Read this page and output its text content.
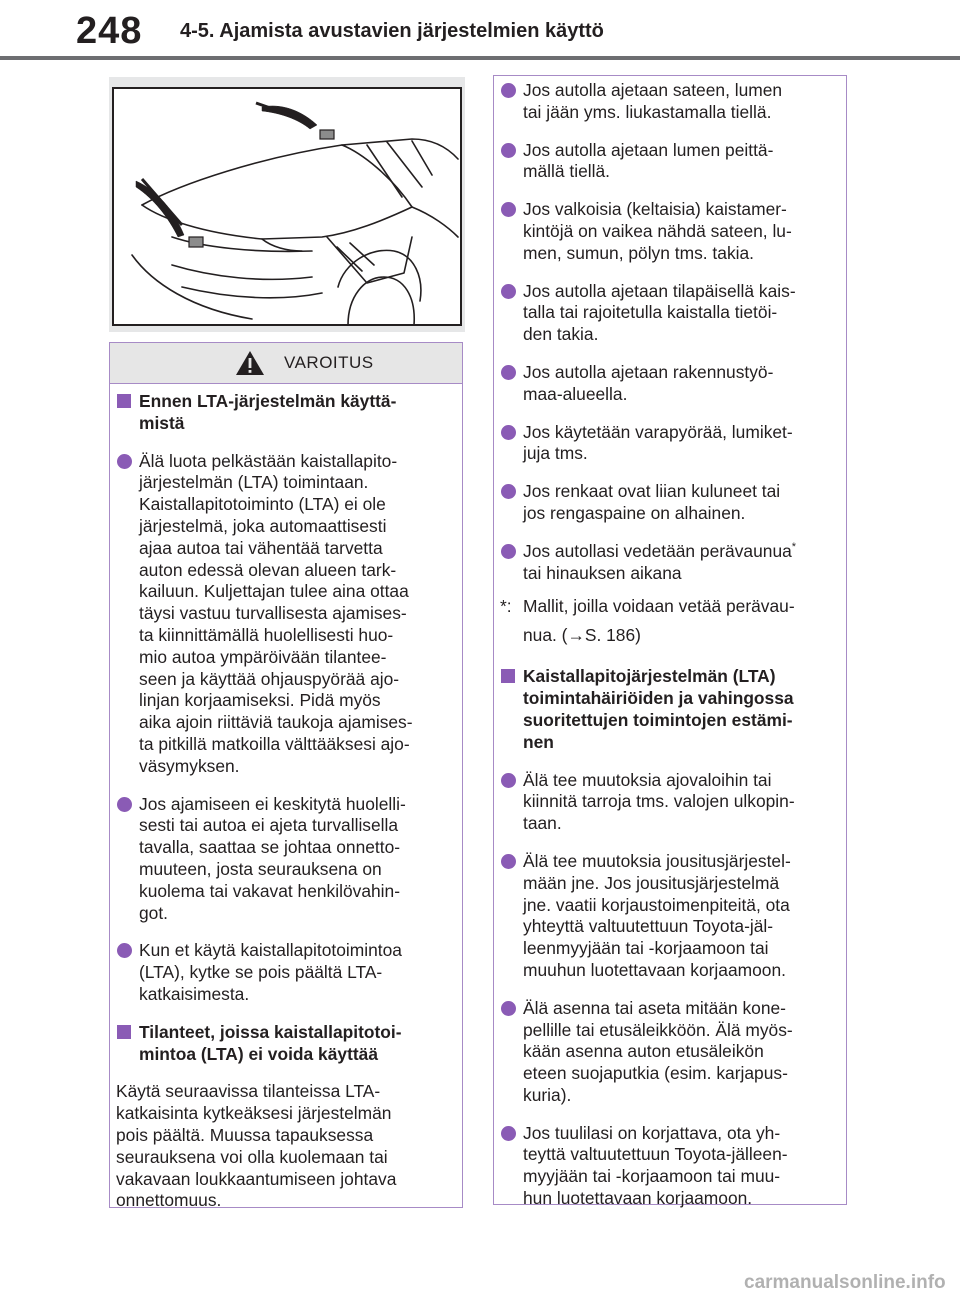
248 4-5. Ajamista avustavien järjestelmien käyttö
VAROITUS
Ennen LTA-järjestelmän käyttä-
mistä
Älä luota pelkästään kaistallapito-
järjestelmän (LTA) toimintaan.
Kaistallapitotoiminto (LTA) ei ole
järjestelmä, joka automaattisesti
ajaa autoa tai vähentää tarvetta
auton edessä olevan alueen tark-
kailuun. Kuljettajan tulee aina ottaa
täysi vastuu turvallisesta ajamises-
ta kiinnittämällä huolellisesti huo-
mio autoa ympäröivään tilantee-
seen ja käyttää ohjauspyörää ajo-
linjan korjaamiseksi. Pidä myös
aika ajoin riittäviä taukoja ajamises-
ta pitkillä matkoilla välttääksesi ajo-
väsymyksen.
Jos ajamiseen ei keskitytä huolelli-
sesti tai autoa ei ajeta turvallisella
tavalla, saattaa se johtaa onnetto-
muuteen, josta seurauksena on
kuolema tai vakavat henkilövahin-
got.
Kun et käytä kaistallapitotoimintoa
(LTA), kytke se pois päältä LTA-
katkaisimesta.
Tilanteet, joissa kaistallapitotoi-
mintoa (LTA) ei voida käyttää
Käytä seuraavissa tilanteissa LTA-
katkaisinta kytkeäksesi järjestelmän
pois päältä. Muussa tapauksessa
seurauksena voi olla kuolemaan tai
vakavaan loukkaantumiseen johtava
onnettomuus.
Jos autolla ajetaan sateen, lumen
tai jään yms. liukastamalla tiellä.
Jos autolla ajetaan lumen peittä-
mällä tiellä.
Jos valkoisia (keltaisia) kaistamer-
kintöjä on vaikea nähdä sateen, lu-
men, sumun, pölyn tms. takia.
Jos autolla ajetaan tilapäisellä kais-
talla tai rajoitetulla kaistalla tietöi-
den takia.
Jos autolla ajetaan rakennustyö-
maa-alueella.
Jos käytetään varapyörää, lumiket-
juja tms.
Jos renkaat ovat liian kuluneet tai
jos rengaspaine on alhainen.
Jos autollasi vedetään perävaunua*
tai hinauksen aikana
*: Mallit, joilla voidaan vetää perävau-
nua. (→S. 186)
Kaistallapitojärjestelmän (LTA)
toimintahäiriöiden ja vahingossa
suoritettujen toimintojen estämi-
nen
Älä tee muutoksia ajovaloihin tai
kiinnitä tarroja tms. valojen ulkopin-
taan.
Älä tee muutoksia jousitusjärjestel-
mään jne. Jos jousitusjärjestelmä
jne. vaatii korjaustoimenpiteitä, ota
yhteyttä valtuutettuun Toyota-jäl-
leenmyyjään tai -korjaamoon tai
muuhun luotettavaan korjaamoon.
Älä asenna tai aseta mitään kone-
pellille tai etusäleikköön. Älä myös-
kään asenna auton etusäleikön
eteen suojaputkia (esim. karjapus-
kuria).
Jos tuulilasi on korjattava, ota yh-
teyttä valtuutettuun Toyota-jälleen-
myyjään tai -korjaamoon tai muu-
hun luotettavaan korjaamoon.
carmanualsonline.info
